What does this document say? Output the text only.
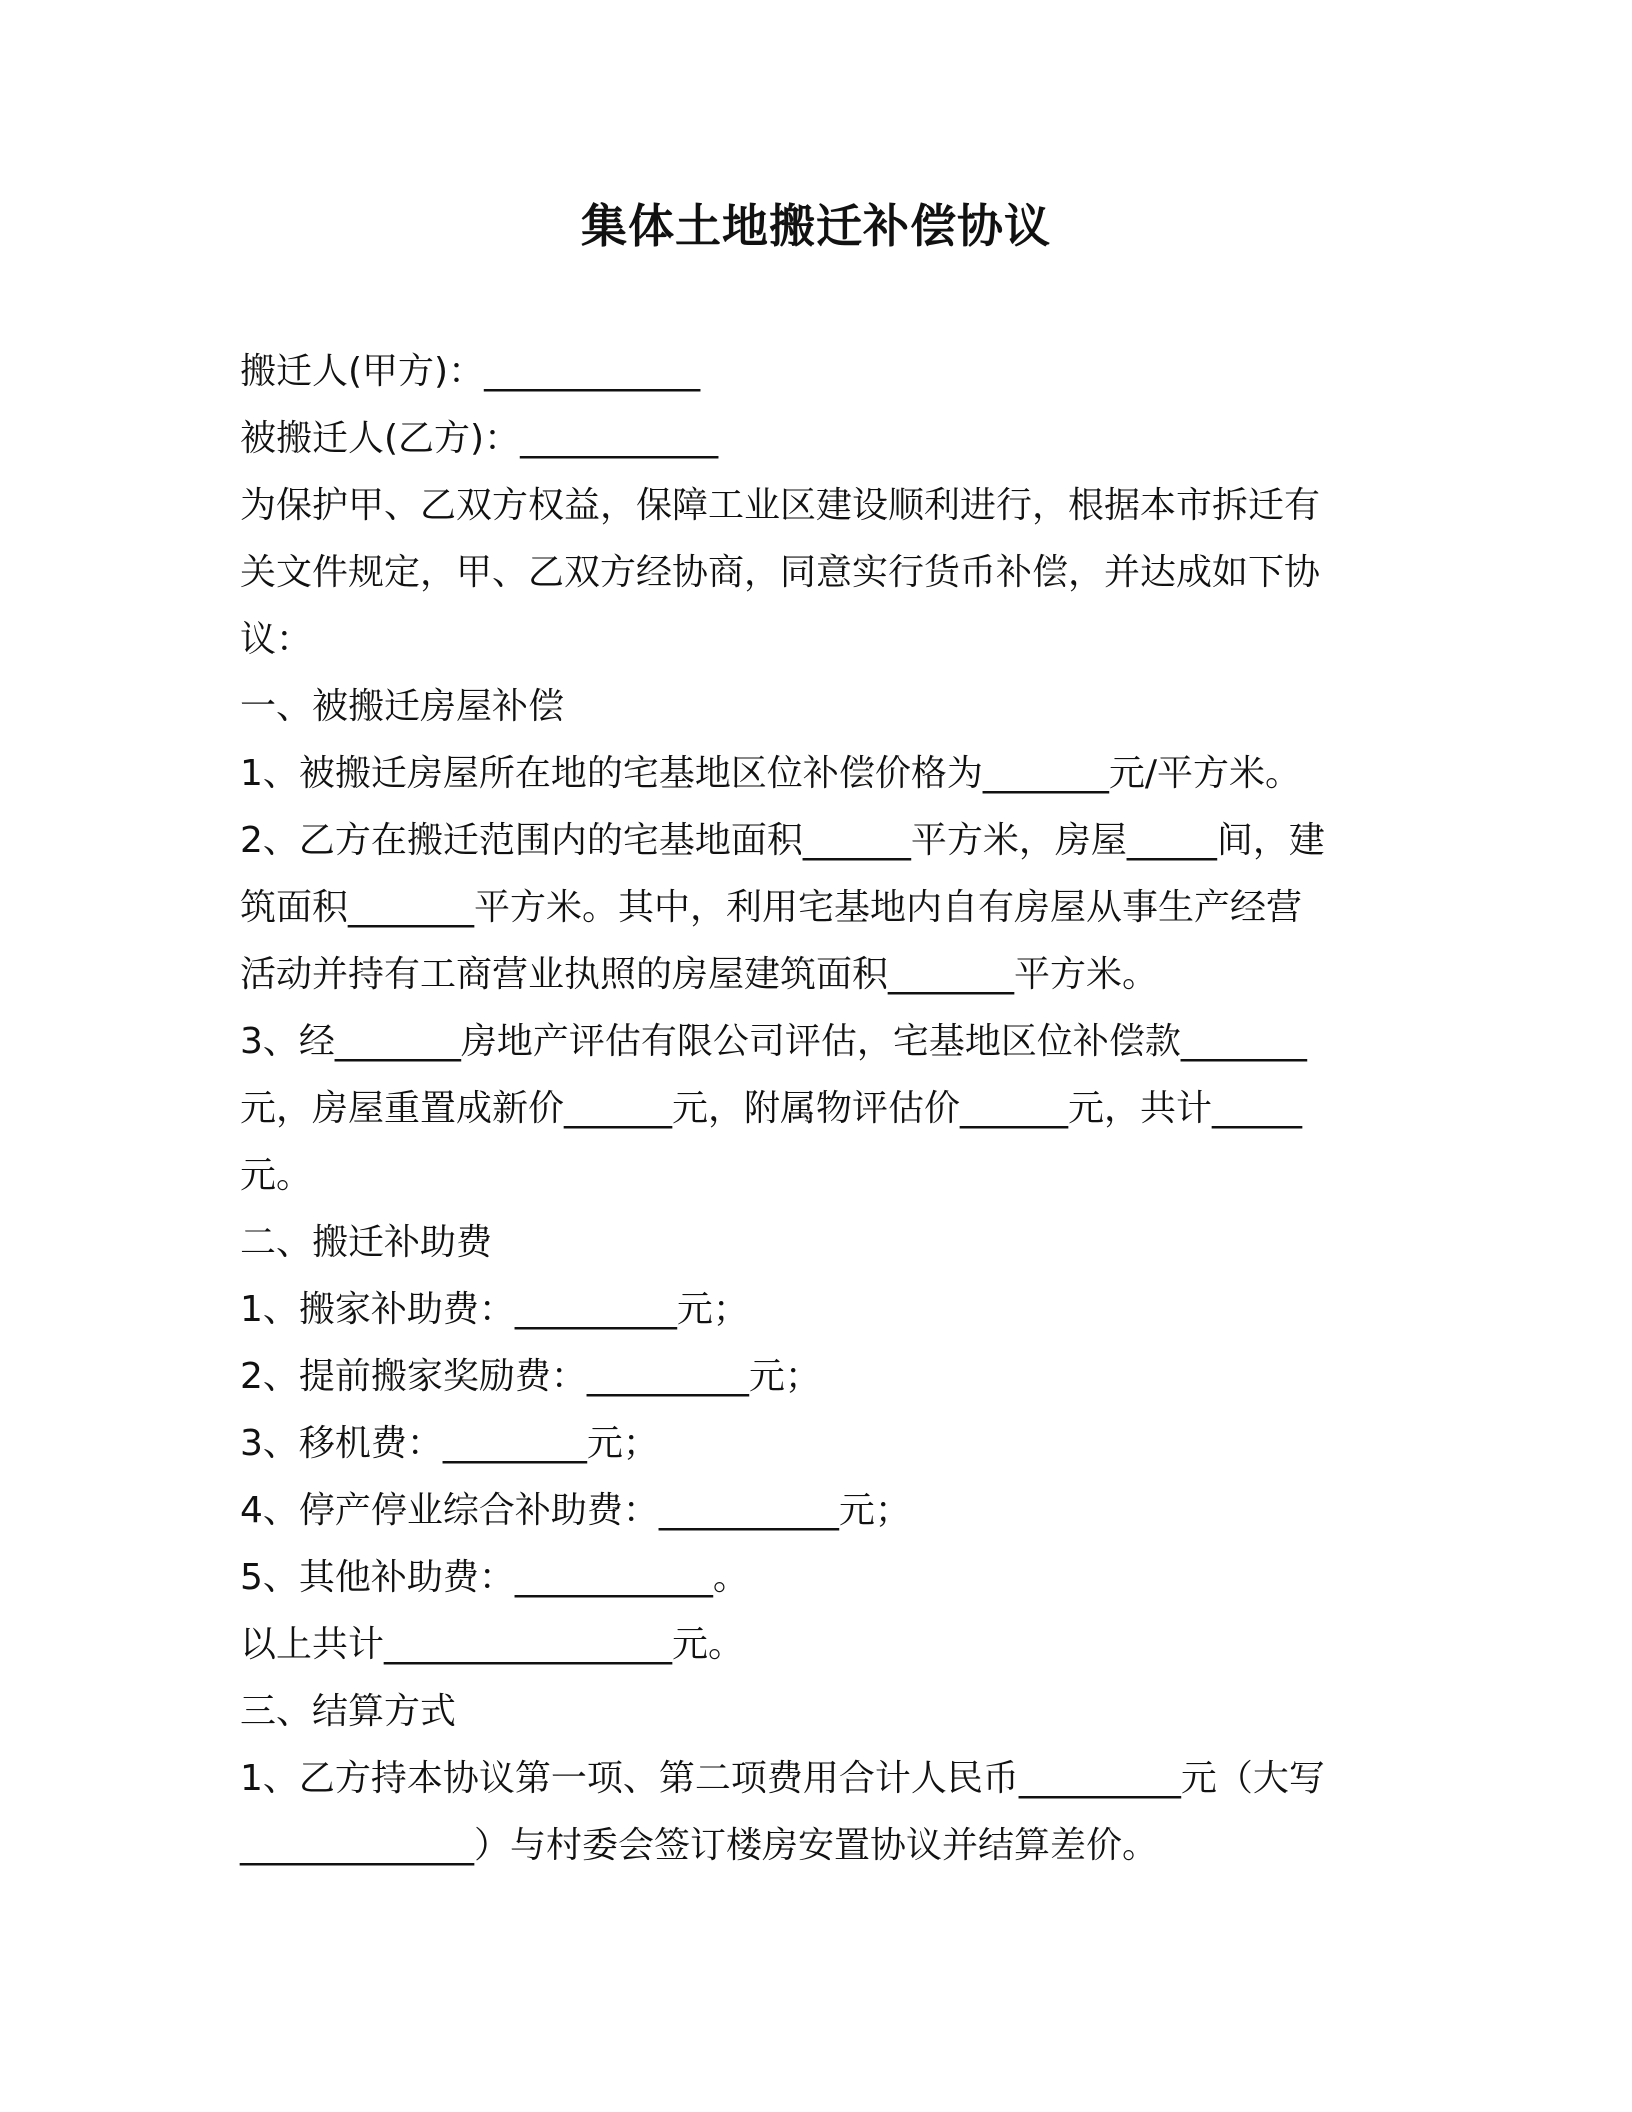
集体土地搬迁补偿协议
搬迁人(甲方)：____________
被搬迁人(乙方)：___________
为保护甲、乙双方权益，保障工业区建设顺利进行，根据本市拆迁有
关文件规定，甲、乙双方经协商，同意实行货币补偿，并达成如下协
议：
一、被搬迁房屋补偿
1、被搬迁房屋所在地的宅基地区位补偿价格为_______元/平方米。
2、乙方在搬迁范围内的宅基地面积______平方米，房屋_____间，建
筑面积_______平方米。其中，利用宅基地内自有房屋从事生产经营
活动并持有工商营业执照的房屋建筑面积_______平方米。
3、经_______房地产评估有限公司评估，宅基地区位补偿款_______
元，房屋重置成新价______元，附属物评估价______元，共计_____
元。
二、搬迁补助费
1、搬家补助费：_________元；
2、提前搬家奖励费：_________元；
3、移机费：________元；
4、停产停业综合补助费：__________元；
5、其他补助费：___________。
以上共计________________元。
三、结算方式
1、乙方持本协议第一项、第二项费用合计人民币_________元（大写
_____________）与村委会签订楼房安置协议并结算差价。
